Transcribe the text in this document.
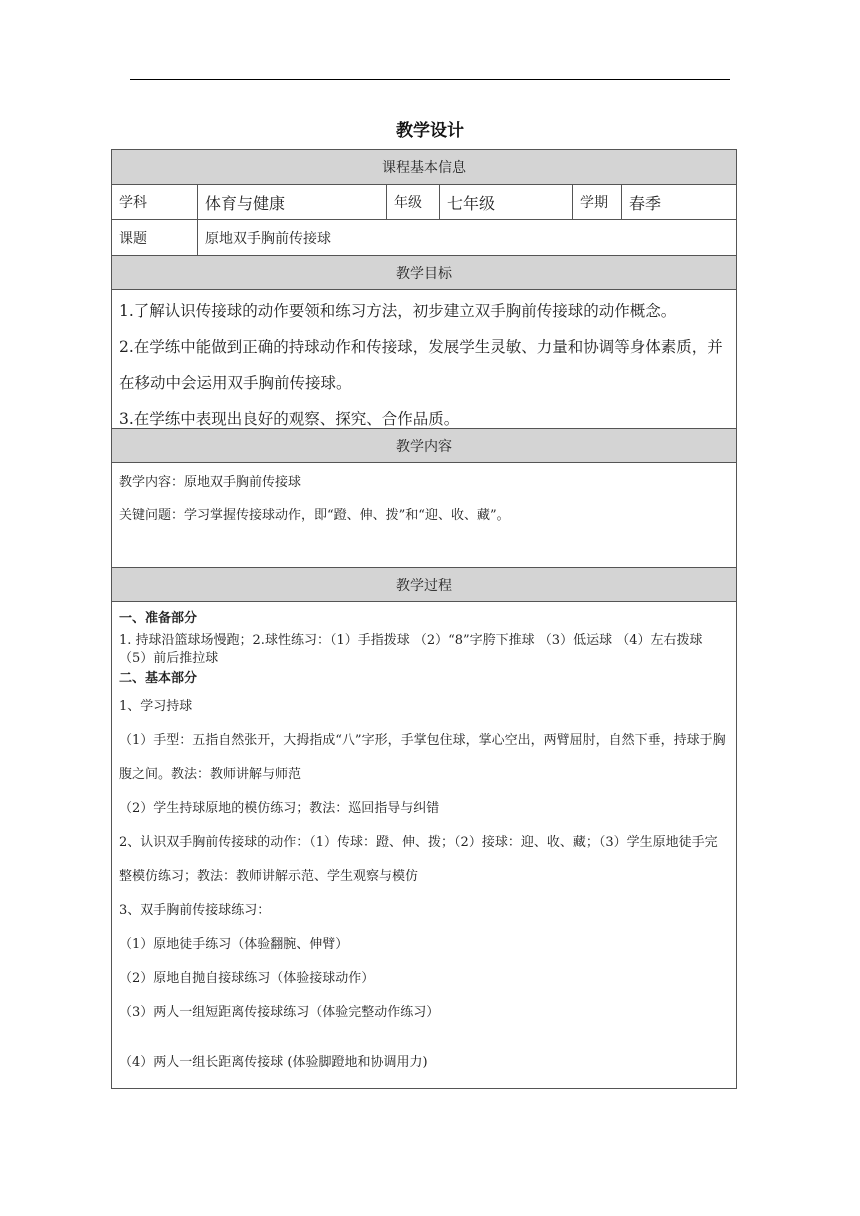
教学设计
课程基本信息
学科	体育与健康	年级	七年级	学期	春季
课题	原地双手胸前传接球
教学目标

1.了解认识传接球的动作要领和练习方法，初步建立双手胸前传接球的动作概念。

2.在学练中能做到正确的持球动作和传接球，发展学生灵敏、力量和协调等身体素质，并在移动中会运用双手胸前传接球。

3.在学练中表现出良好的观察、探究、合作品质。

教学内容

教学内容：原地双手胸前传接球

关键问题：学习掌握传接球动作，即“蹬、伸、拨”和“迎、收、藏”。

教学过程

一、准备部分

1. 持球沿篮球场慢跑；2.球性练习：（1）手指拨球 （2）“8”字胯下推球 （3）低运球 （4）左右拨球 （5）前后推拉球

二、基本部分

1、学习持球

（1）手型：五指自然张开，大拇指成“八”字形，手掌包住球，掌心空出，两臂屈肘，自然下垂，持球于胸腹之间。教法：教师讲解与师范

（2）学生持球原地的模仿练习；教法：巡回指导与纠错

2、认识双手胸前传接球的动作：（1）传球：蹬、伸、拨；（2）接球：迎、收、藏；（3）学生原地徒手完整模仿练习；教法：教师讲解示范、学生观察与模仿

3、双手胸前传接球练习：

（1）原地徒手练习（体验翻腕、伸臂）

（2）原地自抛自接球练习（体验接球动作）

（3）两人一组短距离传接球练习（体验完整动作练习）

（4）两人一组长距离传接球 (体验脚蹬地和协调用力)
